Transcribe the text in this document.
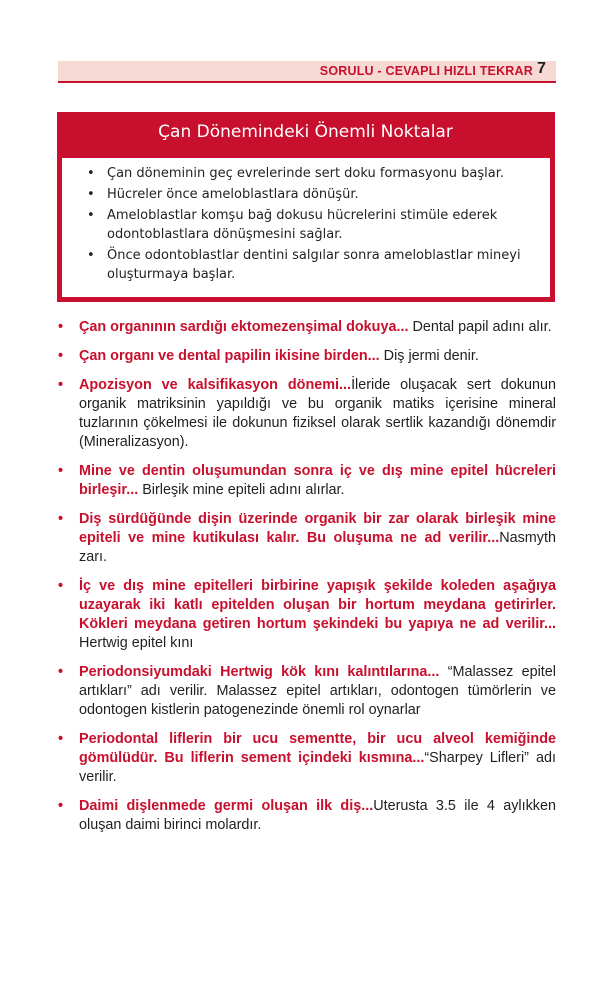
SORULU - CEVAPLI HIZLI TEKRAR 7
Çan Dönemindeki Önemli Noktalar
• Çan döneminin geç evrelerinde sert doku formasyonu başlar.
• Hücreler önce ameloblastlara dönüşür.
• Ameloblastlar komşu bağ dokusu hücrelerini stimüle ederek odontoblastlara dönüşmesini sağlar.
• Önce odontoblastlar dentini salgılar sonra ameloblastlar mineyi oluşturmaya başlar.
• Çan organının sardığı ektomezenşimal dokuya... Dental papil adını alır.
• Çan organı ve dental papilin ikisine birden... Diş jermi denir.
• Apozisyon ve kalsifikasyon dönemi...İleride oluşacak sert dokunun organik matriksinin yapıldığı ve bu organik matiks içerisine mineral tuzlarının çökelmesi ile dokunun fiziksel olarak sertlik kazandığı dönemdir (Mineralizasyon).
• Mine ve dentin oluşumundan sonra iç ve dış mine epitel hücreleri birleşir... Birleşik mine epiteli adını alırlar.
• Diş sürdüğünde dişin üzerinde organik bir zar olarak birleşik mine epiteli ve mine kutikulası kalır. Bu oluşuma ne ad verilir...Nasmyth zarı.
• İç ve dış mine epitelleri birbirine yapışık şekilde koleden aşağıya uzayarak iki katlı epitelden oluşan bir hortum meydana getirirler. Kökleri meydana getiren hortum şekindeki bu yapıya ne ad verilir... Hertwig epitel kını
• Periodonsiyumdaki Hertwig kök kını kalıntılarına... “Malassez epitel artıkları” adı verilir. Malassez epitel artıkları, odontogen tümörlerin ve odontogen kistlerin patogenezinde önemli rol oynarlar
• Periodontal liflerin bir ucu sementte, bir ucu alveol kemiğinde gömülüdür. Bu liflerin sement içindeki kısmına...“Sharpey Lifleri” adı verilir.
• Daimi dişlenmede germi oluşan ilk diş...Uterusta 3.5 ile 4 aylıkken oluşan daimi birinci molardır.
